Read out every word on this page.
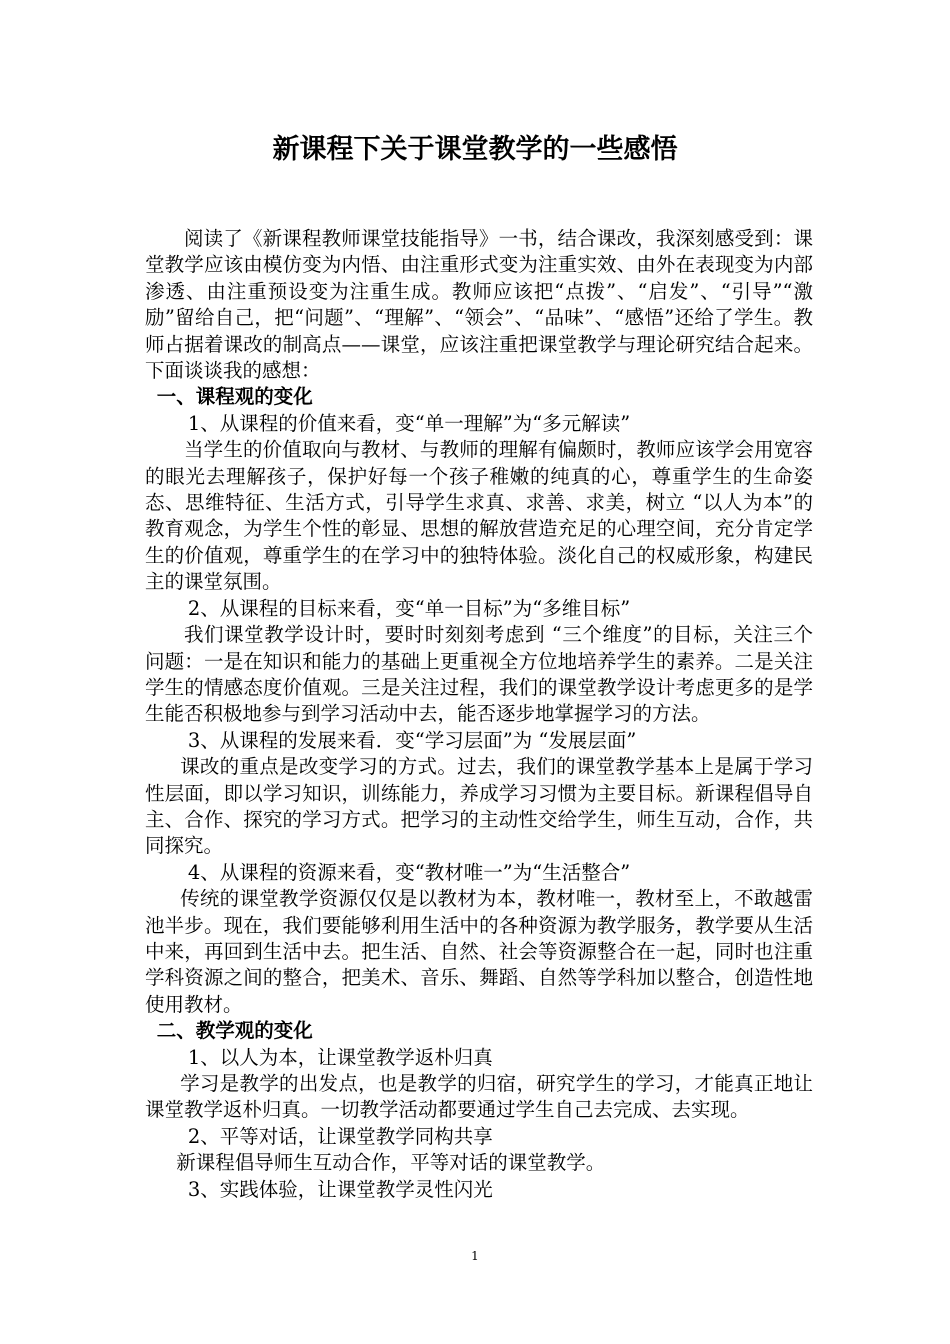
新课程下关于课堂教学的一些感悟

阅读了《新课程教师课堂技能指导》一书，结合课改，我深刻感受到：课堂教学应该由模仿变为内悟、由注重形式变为注重实效、由外在表现变为内部渗透、由注重预设变为注重生成。教师应该把“点拨”、“启发”、“引导”“激励”留给自己，把“问题”、“理解”、“领会”、“品味”、“感悟”还给了学生。教师占据着课改的制高点——课堂，应该注重把课堂教学与理论研究结合起来。下面谈谈我的感想：

一、课程观的变化

1、从课程的价值来看，变“单一理解”为“多元解读”

当学生的价值取向与教材、与教师的理解有偏颇时，教师应该学会用宽容的眼光去理解孩子，保护好每一个孩子稚嫩的纯真的心，尊重学生的生命姿态、思维特征、生活方式，引导学生求真、求善、求美，树立 “以人为本”的教育观念，为学生个性的彰显、思想的解放营造充足的心理空间，充分肯定学生的价值观，尊重学生的在学习中的独特体验。淡化自己的权威形象，构建民主的课堂氛围。

2、从课程的目标来看，变“单一目标”为“多维目标”

我们课堂教学设计时，要时时刻刻考虑到 “三个维度”的目标，关注三个问题：一是在知识和能力的基础上更重视全方位地培养学生的素养。二是关注学生的情感态度价值观。三是关注过程，我们的课堂教学设计考虑更多的是学生能否积极地参与到学习活动中去，能否逐步地掌握学习的方法。

3、从课程的发展来看．变“学习层面”为 “发展层面”

课改的重点是改变学习的方式。过去，我们的课堂教学基本上是属于学习性层面，即以学习知识，训练能力，养成学习习惯为主要目标。新课程倡导自主、合作、探究的学习方式。把学习的主动性交给学生，师生互动，合作，共同探究。

4、从课程的资源来看，变“教材唯一”为“生活整合”

传统的课堂教学资源仅仅是以教材为本，教材唯一，教材至上，不敢越雷池半步。现在，我们要能够利用生活中的各种资源为教学服务，教学要从生活中来，再回到生活中去。把生活、自然、社会等资源整合在一起，同时也注重学科资源之间的整合，把美术、音乐、舞蹈、自然等学科加以整合，创造性地使用教材。

二、教学观的变化

1、以人为本，让课堂教学返朴归真

学习是教学的出发点，也是教学的归宿，研究学生的学习，才能真正地让课堂教学返朴归真。一切教学活动都要通过学生自己去完成、去实现。

2、平等对话，让课堂教学同构共享

新课程倡导师生互动合作，平等对话的课堂教学。

3、实践体验，让课堂教学灵性闪光

1
